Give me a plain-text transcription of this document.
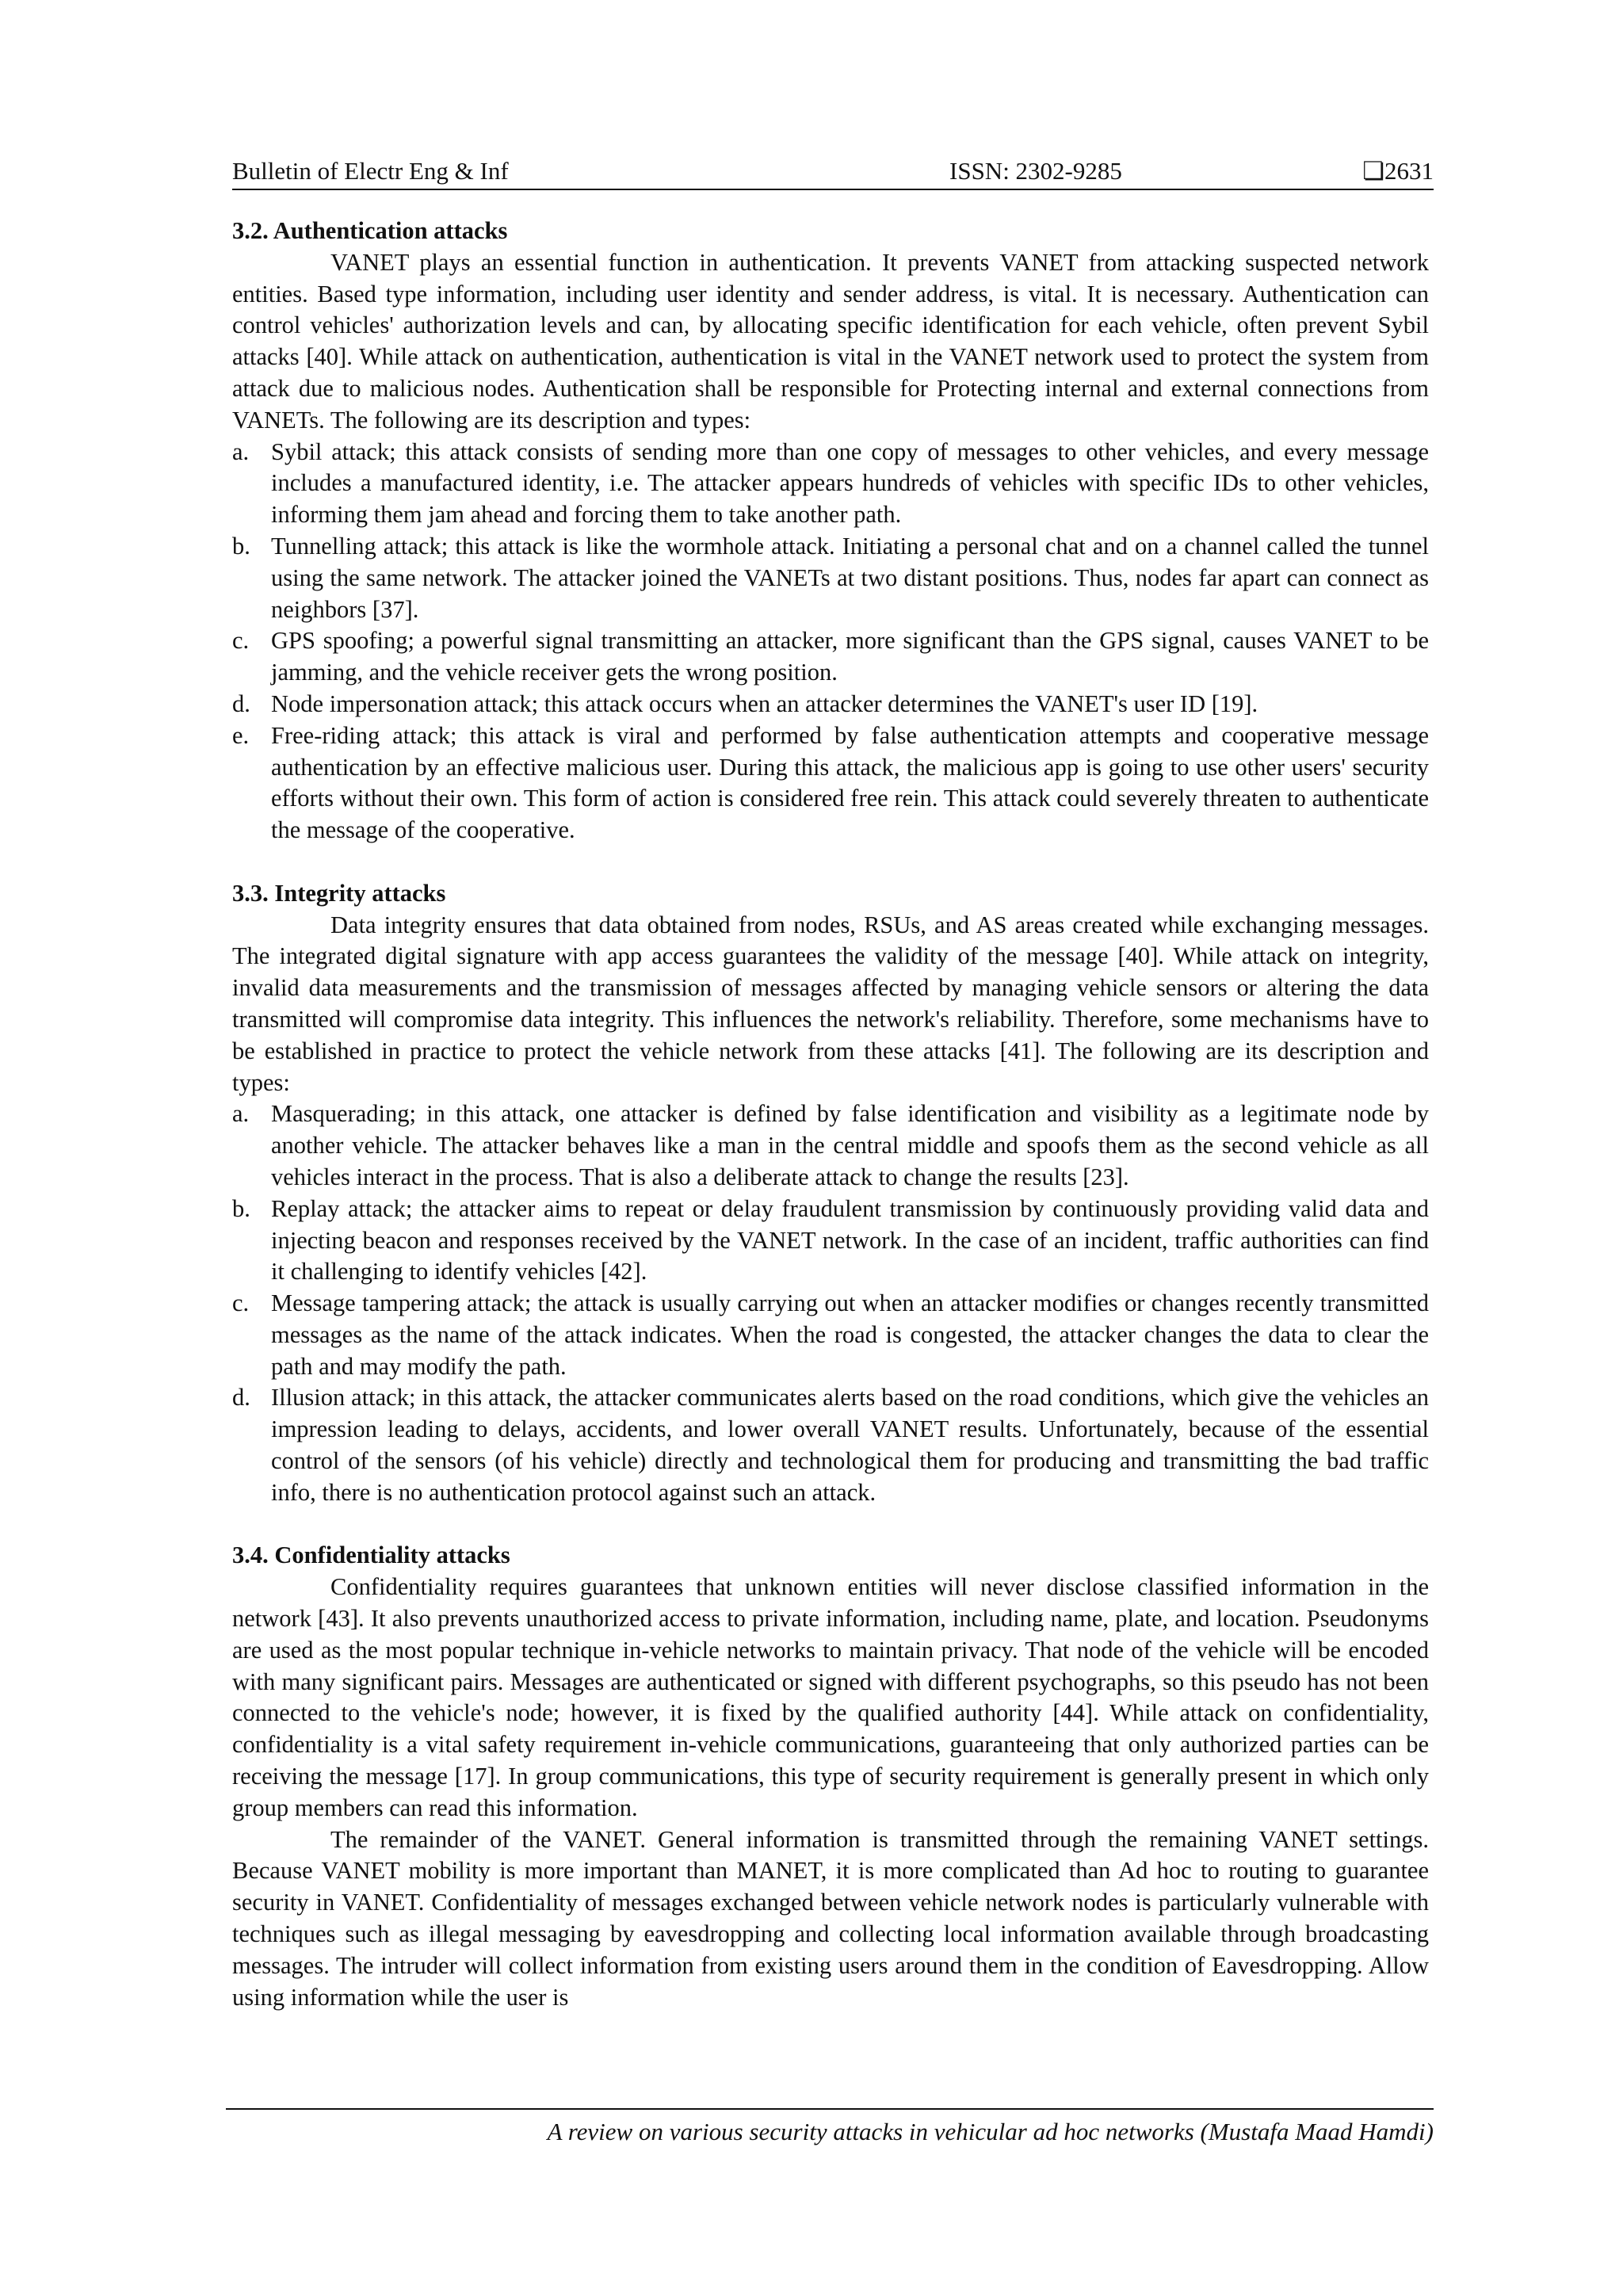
Bulletin of Electr Eng & Inf	ISSN: 2302-9285	❏2631
3.2. Authentication attacks

VANET plays an essential function in authentication. It prevents VANET from attacking suspected network entities. Based type information, including user identity and sender address, is vital. It is necessary. Authentication can control vehicles' authorization levels and can, by allocating specific identification for each vehicle, often prevent Sybil attacks [40]. While attack on authentication, authentication is vital in the VANET network used to protect the system from attack due to malicious nodes. Authentication shall be responsible for Protecting internal and external connections from VANETs. The following are its description and types:

a. Sybil attack; this attack consists of sending more than one copy of messages to other vehicles, and every message includes a manufactured identity, i.e. The attacker appears hundreds of vehicles with specific IDs to other vehicles, informing them jam ahead and forcing them to take another path.
b. Tunnelling attack; this attack is like the wormhole attack. Initiating a personal chat and on a channel called the tunnel using the same network. The attacker joined the VANETs at two distant positions. Thus, nodes far apart can connect as neighbors [37].
c. GPS spoofing; a powerful signal transmitting an attacker, more significant than the GPS signal, causes VANET to be jamming, and the vehicle receiver gets the wrong position.
d. Node impersonation attack; this attack occurs when an attacker determines the VANET's user ID [19].
e. Free-riding attack; this attack is viral and performed by false authentication attempts and cooperative message authentication by an effective malicious user. During this attack, the malicious app is going to use other users' security efforts without their own. This form of action is considered free rein. This attack could severely threaten to authenticate the message of the cooperative.
3.3. Integrity attacks

Data integrity ensures that data obtained from nodes, RSUs, and AS areas created while exchanging messages. The integrated digital signature with app access guarantees the validity of the message [40]. While attack on integrity, invalid data measurements and the transmission of messages affected by managing vehicle sensors or altering the data transmitted will compromise data integrity. This influences the network's reliability. Therefore, some mechanisms have to be established in practice to protect the vehicle network from these attacks [41]. The following are its description and types:

a. Masquerading; in this attack, one attacker is defined by false identification and visibility as a legitimate node by another vehicle. The attacker behaves like a man in the central middle and spoofs them as the second vehicle as all vehicles interact in the process. That is also a deliberate attack to change the results [23].
b. Replay attack; the attacker aims to repeat or delay fraudulent transmission by continuously providing valid data and injecting beacon and responses received by the VANET network. In the case of an incident, traffic authorities can find it challenging to identify vehicles [42].
c. Message tampering attack; the attack is usually carrying out when an attacker modifies or changes recently transmitted messages as the name of the attack indicates. When the road is congested, the attacker changes the data to clear the path and may modify the path.
d. Illusion attack; in this attack, the attacker communicates alerts based on the road conditions, which give the vehicles an impression leading to delays, accidents, and lower overall VANET results. Unfortunately, because of the essential control of the sensors (of his vehicle) directly and technological them for producing and transmitting the bad traffic info, there is no authentication protocol against such an attack.
3.4. Confidentiality attacks

Confidentiality requires guarantees that unknown entities will never disclose classified information in the network [43]. It also prevents unauthorized access to private information, including name, plate, and location. Pseudonyms are used as the most popular technique in-vehicle networks to maintain privacy. That node of the vehicle will be encoded with many significant pairs. Messages are authenticated or signed with different psychographs, so this pseudo has not been connected to the vehicle's node; however, it is fixed by the qualified authority [44]. While attack on confidentiality, confidentiality is a vital safety requirement in-vehicle communications, guaranteeing that only authorized parties can be receiving the message [17]. In group communications, this type of security requirement is generally present in which only group members can read this information.

The remainder of the VANET. General information is transmitted through the remaining VANET settings. Because VANET mobility is more important than MANET, it is more complicated than Ad hoc to routing to guarantee security in VANET. Confidentiality of messages exchanged between vehicle network nodes is particularly vulnerable with techniques such as illegal messaging by eavesdropping and collecting local information available through broadcasting messages. The intruder will collect information from existing users around them in the condition of Eavesdropping. Allow using information while the user is

A review on various security attacks in vehicular ad hoc networks (Mustafa Maad Hamdi)
